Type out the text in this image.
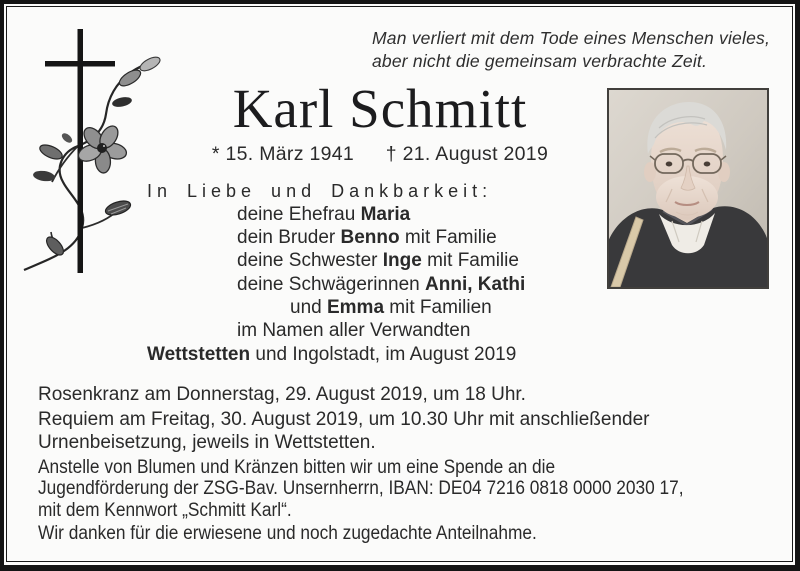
Man verliert mit dem Tode eines Menschen vieles,
aber nicht die gemeinsam verbrachte Zeit.
Karl Schmitt
* 15. März 1941 † 21. August 2019
In Liebe und Dankbarkeit:
deine Ehefrau Maria
dein Bruder Benno mit Familie
deine Schwester Inge mit Familie
deine Schwägerinnen Anni, Kathi
und Emma mit Familien
im Namen aller Verwandten
Wettstetten und Ingolstadt, im August 2019
Rosenkranz am Donnerstag, 29. August 2019, um 18 Uhr.
Requiem am Freitag, 30. August 2019, um 10.30 Uhr mit anschließender
Urnenbeisetzung, jeweils in Wettstetten.
Anstelle von Blumen und Kränzen bitten wir um eine Spende an die
Jugendförderung der ZSG-Bav. Unsernherrn, IBAN: DE04 7216 0818 0000 2030 17,
mit dem Kennwort „Schmitt Karl“.
Wir danken für die erwiesene und noch zugedachte Anteilnahme.
